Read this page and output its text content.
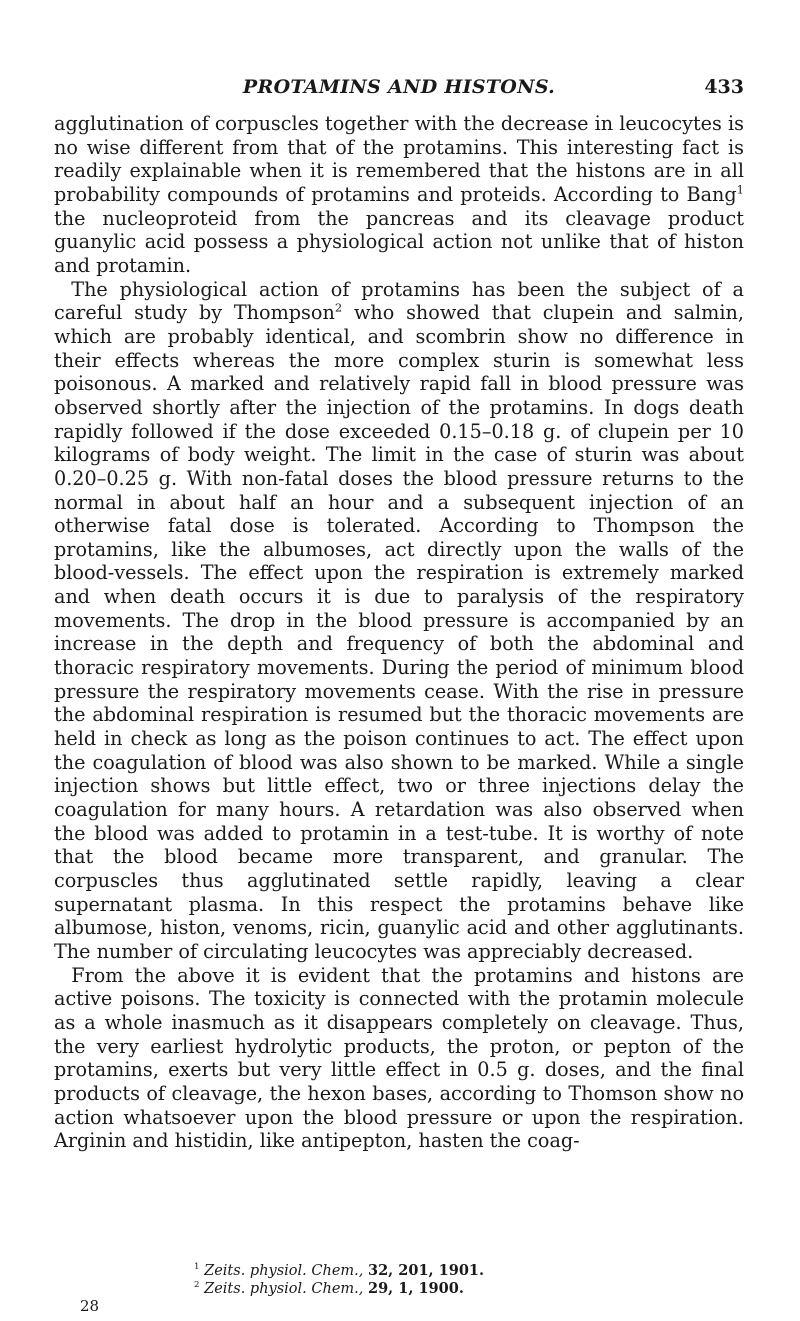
PROTAMINS AND HISTONS.	433

agglutination of corpuscles together with the decrease in leucocytes is no wise different from that of the protamins. This interesting fact is readily explainable when it is remembered that the histons are in all probability compounds of protamins and proteids. According to Bang$^1$ the nucleoproteid from the pancreas and its cleavage product guanylic acid possess a physiological action not unlike that of histon and protamin.

The physiological action of protamins has been the subject of a careful study by Thompson$^2$ who showed that clupein and salmin, which are probably identical, and scombrin show no difference in their effects whereas the more complex sturin is somewhat less poisonous. A marked and relatively rapid fall in blood pressure was observed shortly after the injection of the protamins. In dogs death rapidly followed if the dose exceeded 0.15–0.18 g. of clupein per 10 kilograms of body weight. The limit in the case of sturin was about 0.20–0.25 g. With non-fatal doses the blood pressure returns to the normal in about half an hour and a subsequent injection of an otherwise fatal dose is tolerated. According to Thompson the protamins, like the albumoses, act directly upon the walls of the blood-vessels. The effect upon the respiration is extremely marked and when death occurs it is due to paralysis of the respiratory movements. The drop in the blood pressure is accompanied by an increase in the depth and frequency of both the abdominal and thoracic respiratory movements. During the period of minimum blood pressure the respiratory movements cease. With the rise in pressure the abdominal respiration is resumed but the thoracic movements are held in check as long as the poison continues to act. The effect upon the coagulation of blood was also shown to be marked. While a single injection shows but little effect, two or three injections delay the coagulation for many hours. A retardation was also observed when the blood was added to protamin in a test-tube. It is worthy of note that the blood became more transparent, and granular. The corpuscles thus agglutinated settle rapidly, leaving a clear supernatant plasma. In this respect the protamins behave like albumose, histon, venoms, ricin, guanylic acid and other agglutinants. The number of circulating leucocytes was appreciably decreased.

From the above it is evident that the protamins and histons are active poisons. The toxicity is connected with the protamin molecule as a whole inasmuch as it disappears completely on cleavage. Thus, the very earliest hydrolytic products, the proton, or pepton of the protamins, exerts but very little effect in 0.5 g. doses, and the final products of cleavage, the hexon bases, according to Thomson show no action whatsoever upon the blood pressure or upon the respiration. Arginin and histidin, like antipepton, hasten the coag-

$^1$ Zeits. physiol. Chem., 32, 201, 1901.

$^2$ Zeits. physiol. Chem., 29, 1, 1900.

28
